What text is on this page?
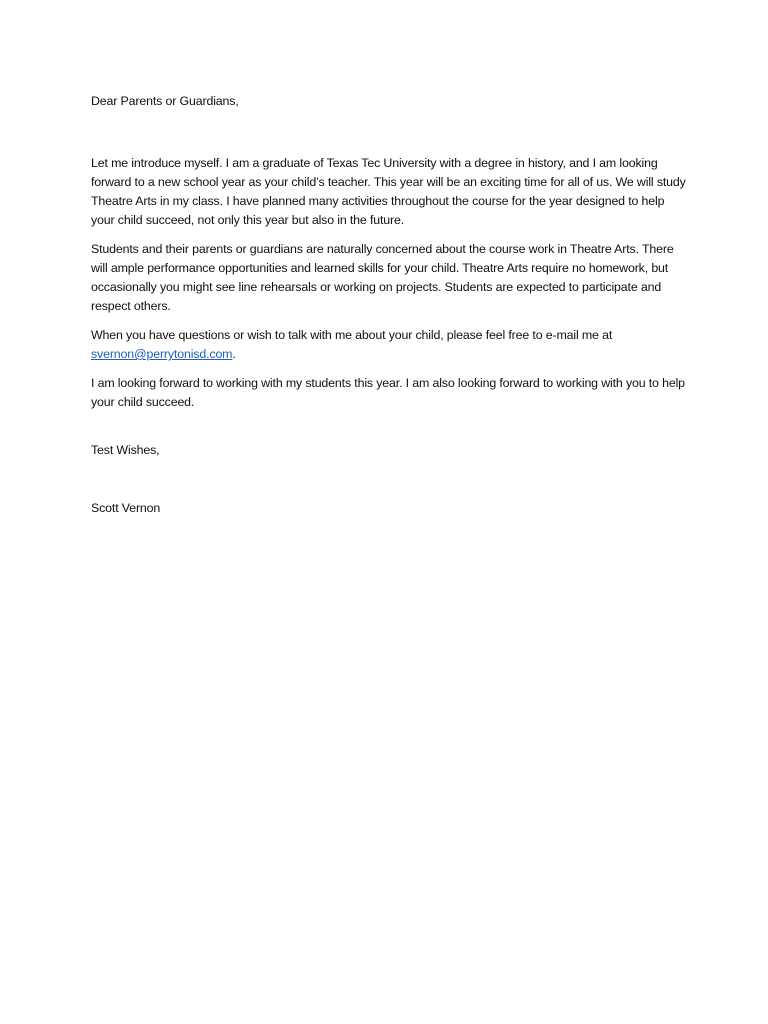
Dear Parents or Guardians,

Let me introduce myself. I am a graduate of Texas Tec University with a degree in history, and I am looking forward to a new school year as your child’s teacher. This year will be an exciting time for all of us. We will study Theatre Arts in my class. I have planned many activities throughout the course for the year designed to help your child succeed, not only this year but also in the future.

Students and their parents or guardians are naturally concerned about the course work in Theatre Arts. There will ample performance opportunities and learned skills for your child. Theatre Arts require no homework, but occasionally you might see line rehearsals or working on projects. Students are expected to participate and respect others.

When you have questions or wish to talk with me about your child, please feel free to e-mail me at svernon@perrytonisd.com.

I am looking forward to working with my students this year. I am also looking forward to working with you to help your child succeed.

Test Wishes,

Scott Vernon
